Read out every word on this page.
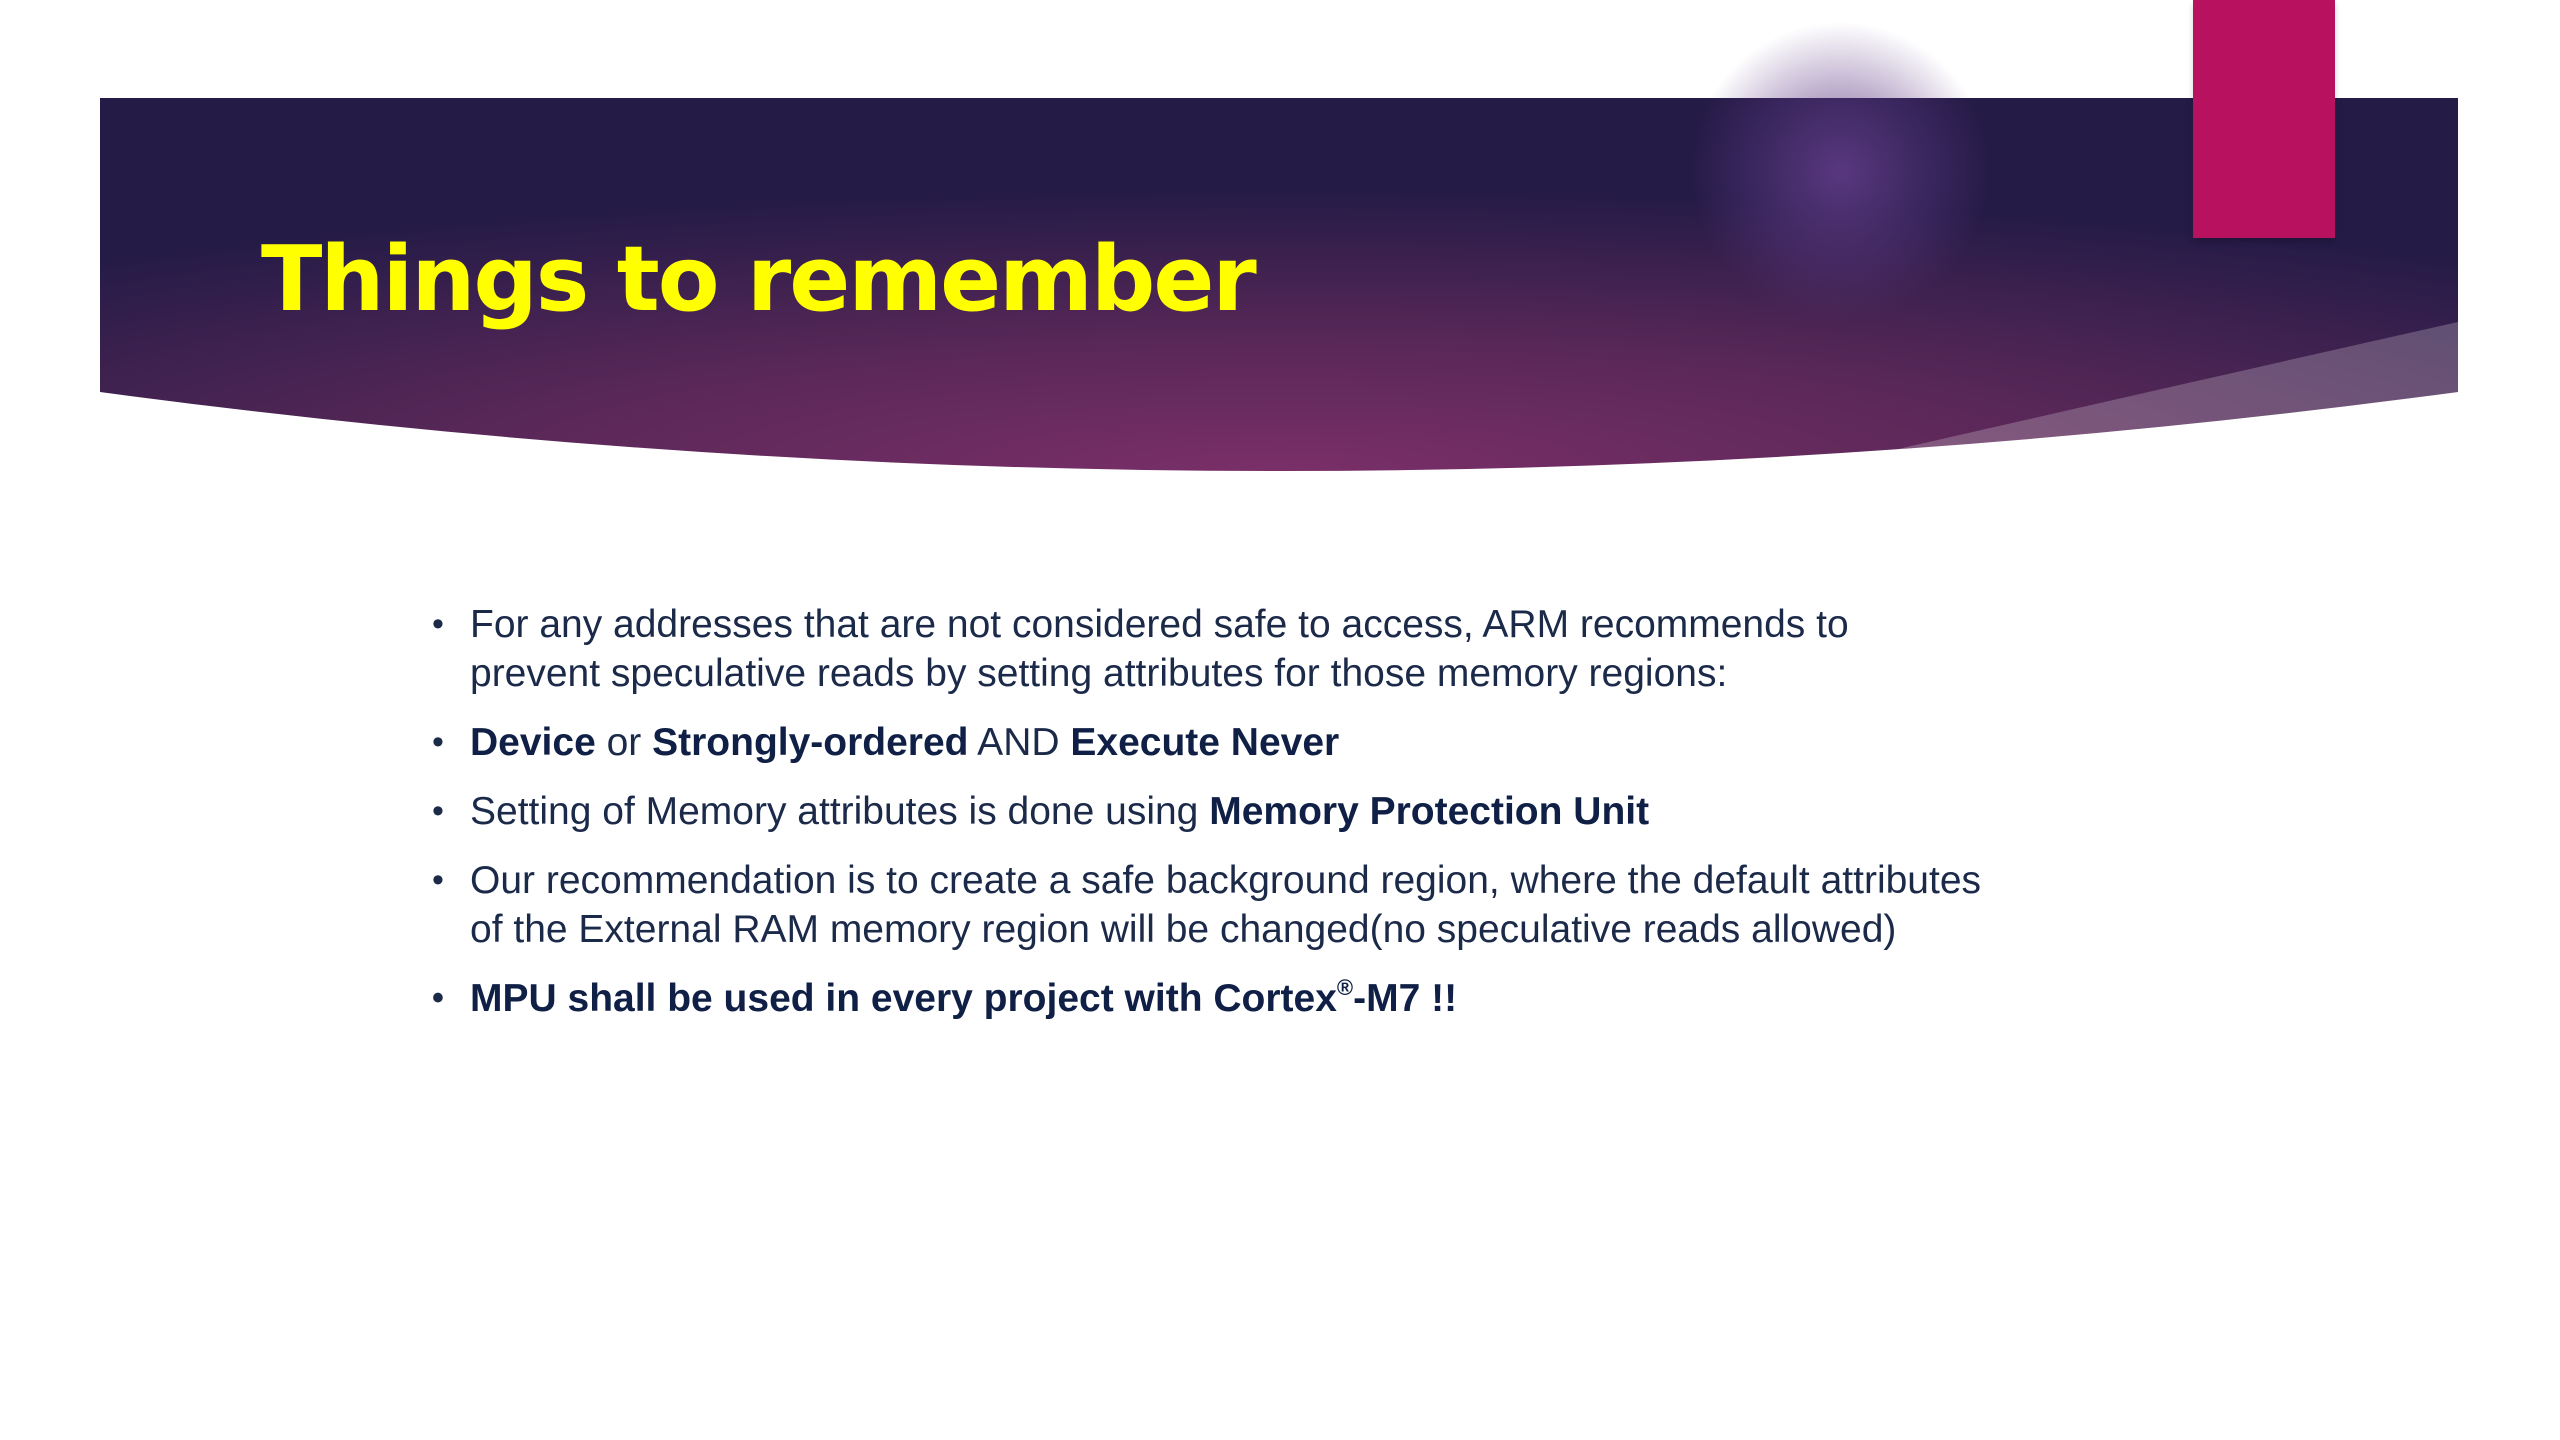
Things to remember
• For any addresses that are not considered safe to access, ARM recommends to prevent speculative reads by setting attributes for those memory regions:
• Device or Strongly-ordered AND Execute Never
• Setting of Memory attributes is done using Memory Protection Unit
• Our recommendation is to create a safe background region, where the default attributes of the External RAM memory region will be changed(no speculative reads allowed)
• MPU shall be used in every project with Cortex®-M7 !!
